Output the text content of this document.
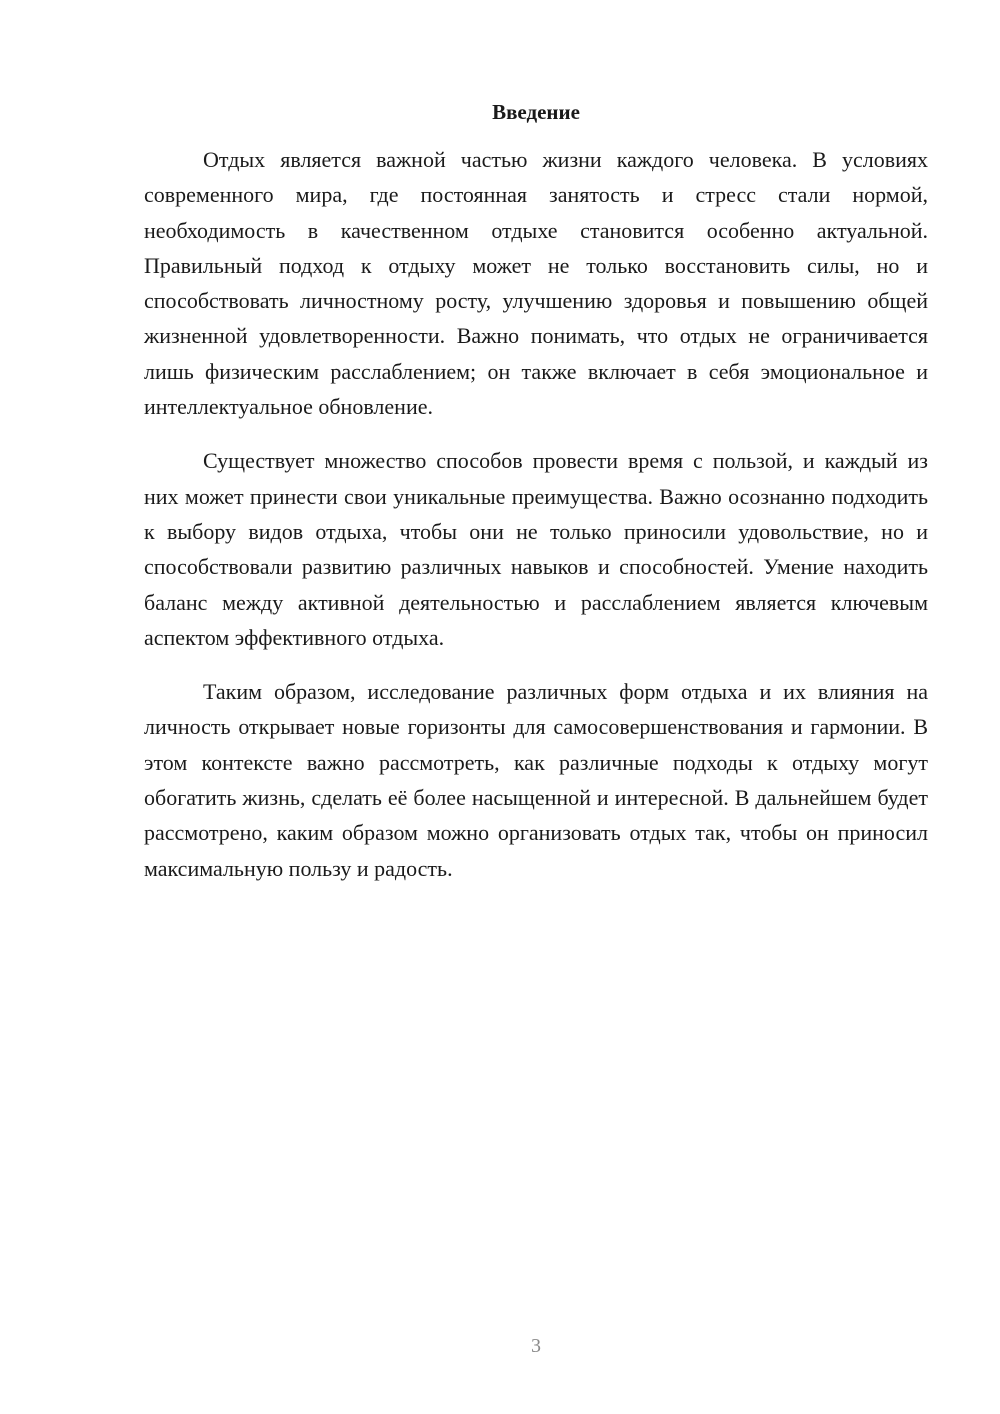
Введение

Отдых является важной частью жизни каждого человека. В условиях современного мира, где постоянная занятость и стресс стали нормой, необходимость в качественном отдыхе становится особенно актуальной. Правильный подход к отдыху может не только восстановить силы, но и способствовать личностному росту, улучшению здоровья и повышению общей жизненной удовлетворенности. Важно понимать, что отдых не ограничивается лишь физическим расслаблением; он также включает в себя эмоциональное и интеллектуальное обновление.

Существует множество способов провести время с пользой, и каждый из них может принести свои уникальные преимущества. Важно осознанно подходить к выбору видов отдыха, чтобы они не только приносили удовольствие, но и способствовали развитию различных навыков и способностей. Умение находить баланс между активной деятельностью и расслаблением является ключевым аспектом эффективного отдыха.

Таким образом, исследование различных форм отдыха и их влияния на личность открывает новые горизонты для самосовершенствования и гармонии. В этом контексте важно рассмотреть, как различные подходы к отдыху могут обогатить жизнь, сделать её более насыщенной и интересной. В дальнейшем будет рассмотрено, каким образом можно организовать отдых так, чтобы он приносил максимальную пользу и радость.

3
